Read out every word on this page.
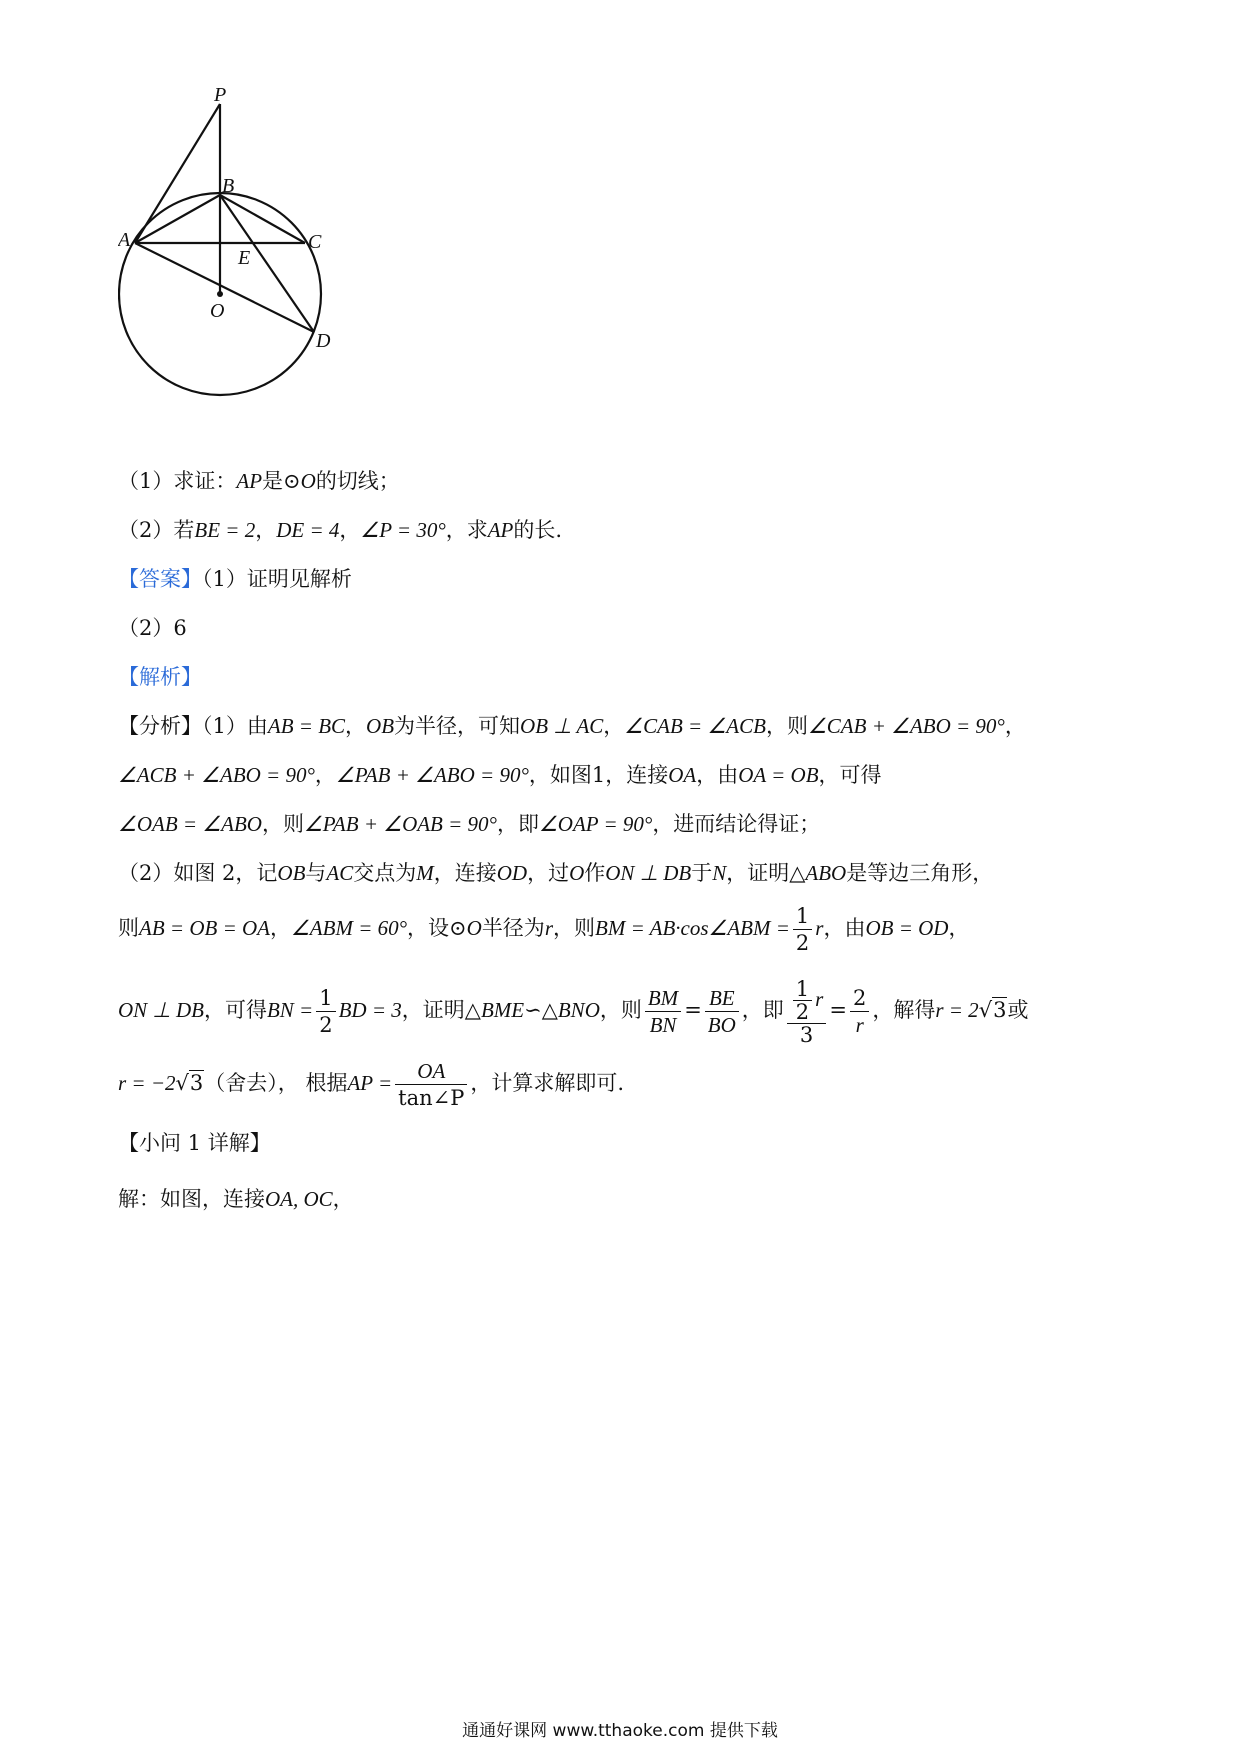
P
B
A	C
E
O
D
（1）求证：AP是⊙O的切线；
（2）若BE = 2，DE = 4，∠P = 30°，求AP的长.
【答案】（1）证明见解析
（2）6
【解析】
【分析】（1）由AB = BC，OB为半径，可知OB ⊥ AC，∠CAB = ∠ACB，则∠CAB + ∠ABO = 90°，
∠ACB + ∠ABO = 90°，∠PAB + ∠ABO = 90°，如图1，连接OA，由OA = OB，可得
∠OAB = ∠ABO，则∠PAB + ∠OAB = 90°，即∠OAP = 90°，进而结论得证；
（2）如图 2，记OB与AC交点为M，连接OD，过O作ON ⊥ DB于N，证明△ABO是等边三角形，
则AB = OB = OA，∠ABM = 60°，设⊙O半径为r，则BM = AB·cos∠ABM = $\frac{1}{2}$ r，由OB = OD，
ON ⊥ DB，可得BN = $\frac{1}{2}$ BD = 3，证明△BME∽△BNO，则 $\frac{BM}{BN} = \frac{BE}{BO}$ ，即 $\frac{\frac{1}{2} r}{3} = \frac{2}{r}$ ，解得r = 2√3或
r = −2√3（舍去）， 根据AP = $\frac{OA}{\tan\angle P}$ ，计算求解即可.
【小问 1 详解】
解：如图，连接OA, OC，
通通好课网 www.tthaoke.com 提供下载
